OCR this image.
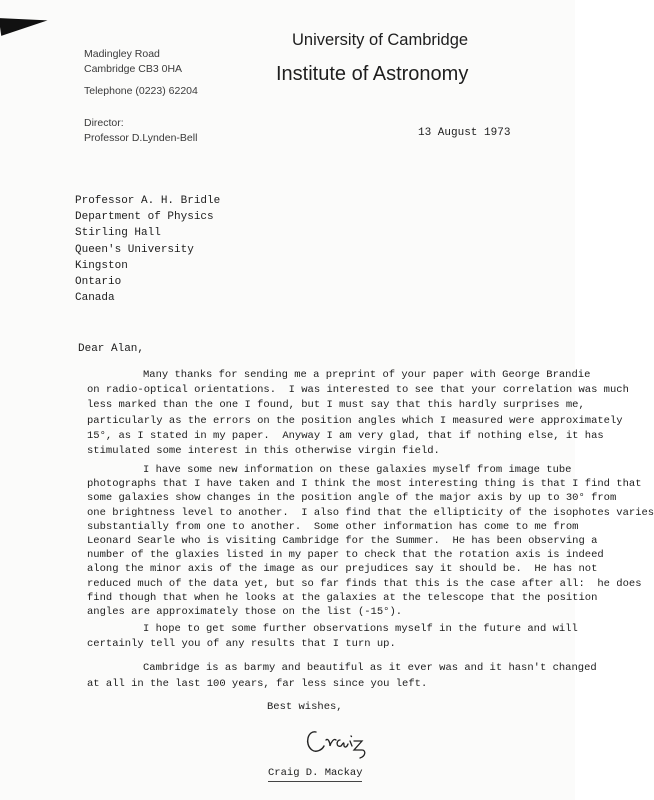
Madingley Road
Cambridge CB3 0HA
Telephone (0223) 62204
University of Cambridge
Institute of Astronomy
Director:
Professor D.Lynden-Bell	13 August 1973
Professor A. H. Bridle
Department of Physics
Stirling Hall
Queen's University
Kingston
Ontario
Canada
Dear Alan,
Many thanks for sending me a preprint of your paper with George Brandie
on radio-optical orientations.  I was interested to see that your correlation was much
less marked than the one I found, but I must say that this hardly surprises me,
particularly as the errors on the position angles which I measured were approximately
15°, as I stated in my paper.  Anyway I am very glad, that if nothing else, it has
stimulated some interest in this otherwise virgin field.
I have some new information on these galaxies myself from image tube
photographs that I have taken and I think the most interesting thing is that I find that
some galaxies show changes in the position angle of the major axis by up to 30° from
one brightness level to another.  I also find that the ellipticity of the isophotes varies
substantially from one to another.  Some other information has come to me from
Leonard Searle who is visiting Cambridge for the Summer.  He has been observing a
number of the glaxies listed in my paper to check that the rotation axis is indeed
along the minor axis of the image as our prejudices say it should be.  He has not
reduced much of the data yet, but so far finds that this is the case after all:  he does
find though that when he looks at the galaxies at the telescope that the position
angles are approximately those on the list (-15°).
I hope to get some further observations myself in the future and will
certainly tell you of any results that I turn up.
Best wishes,
Craig D. Mackay
Cambridge is as barmy and beautiful as it ever was and it hasn't changed
at all in the last 100 years, far less since you left.
